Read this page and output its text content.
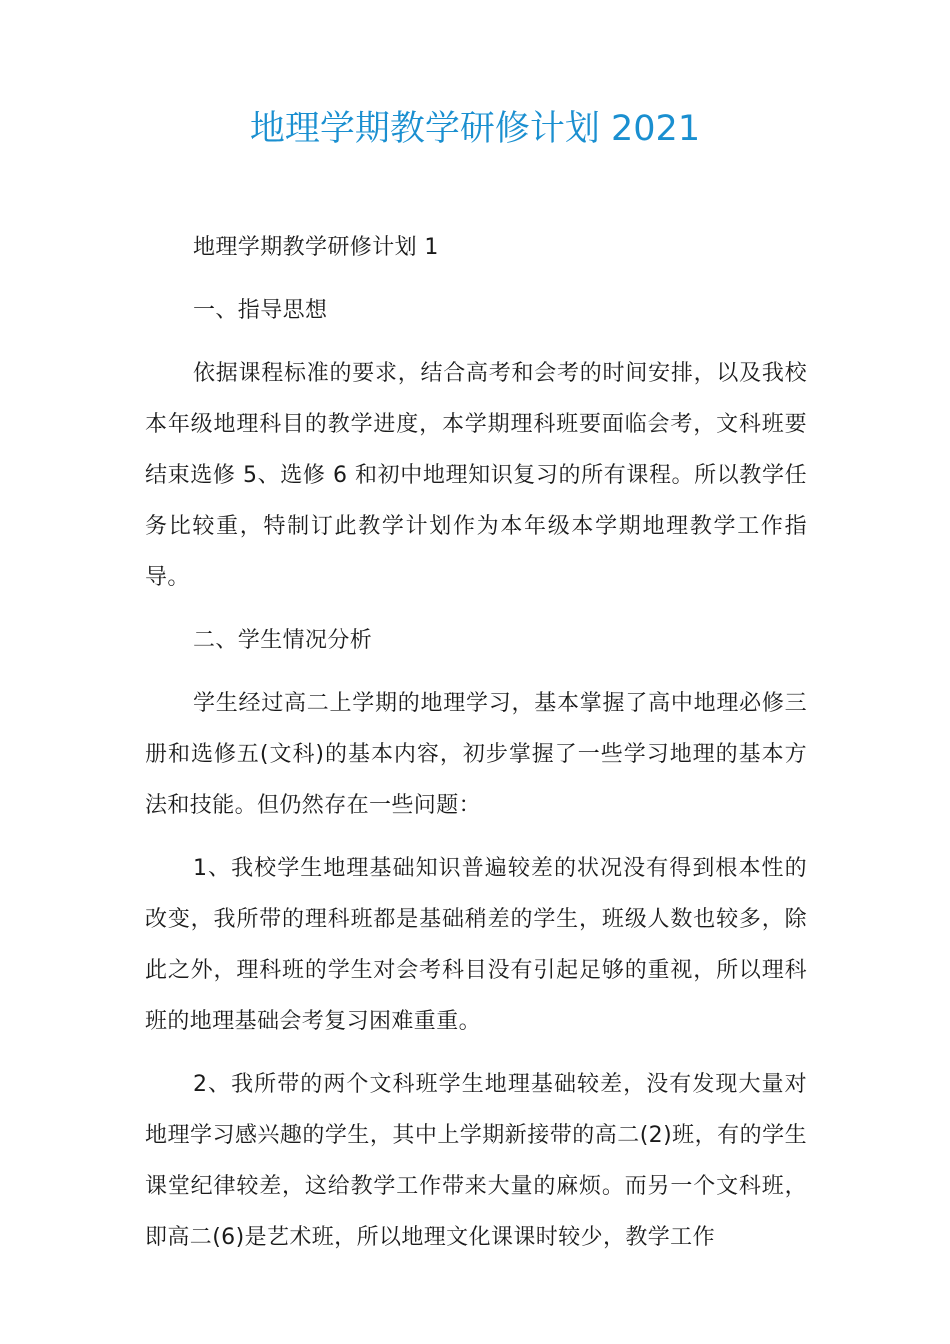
地理学期教学研修计划 2021

地理学期教学研修计划 1

一、指导思想

依据课程标准的要求，结合高考和会考的时间安排，以及我校本年级地理科目的教学进度，本学期理科班要面临会考，文科班要结束选修 5、选修 6 和初中地理知识复习的所有课程。所以教学任务比较重，特制订此教学计划作为本年级本学期地理教学工作指导。

二、学生情况分析

学生经过高二上学期的地理学习，基本掌握了高中地理必修三册和选修五(文科)的基本内容，初步掌握了一些学习地理的基本方法和技能。但仍然存在一些问题：

1、我校学生地理基础知识普遍较差的状况没有得到根本性的改变，我所带的理科班都是基础稍差的学生，班级人数也较多，除此之外，理科班的学生对会考科目没有引起足够的重视，所以理科班的地理基础会考复习困难重重。

2、我所带的两个文科班学生地理基础较差，没有发现大量对地理学习感兴趣的学生，其中上学期新接带的高二(2)班，有的学生课堂纪律较差，这给教学工作带来大量的麻烦。而另一个文科班，即高二(6)是艺术班，所以地理文化课课时较少，教学工作
